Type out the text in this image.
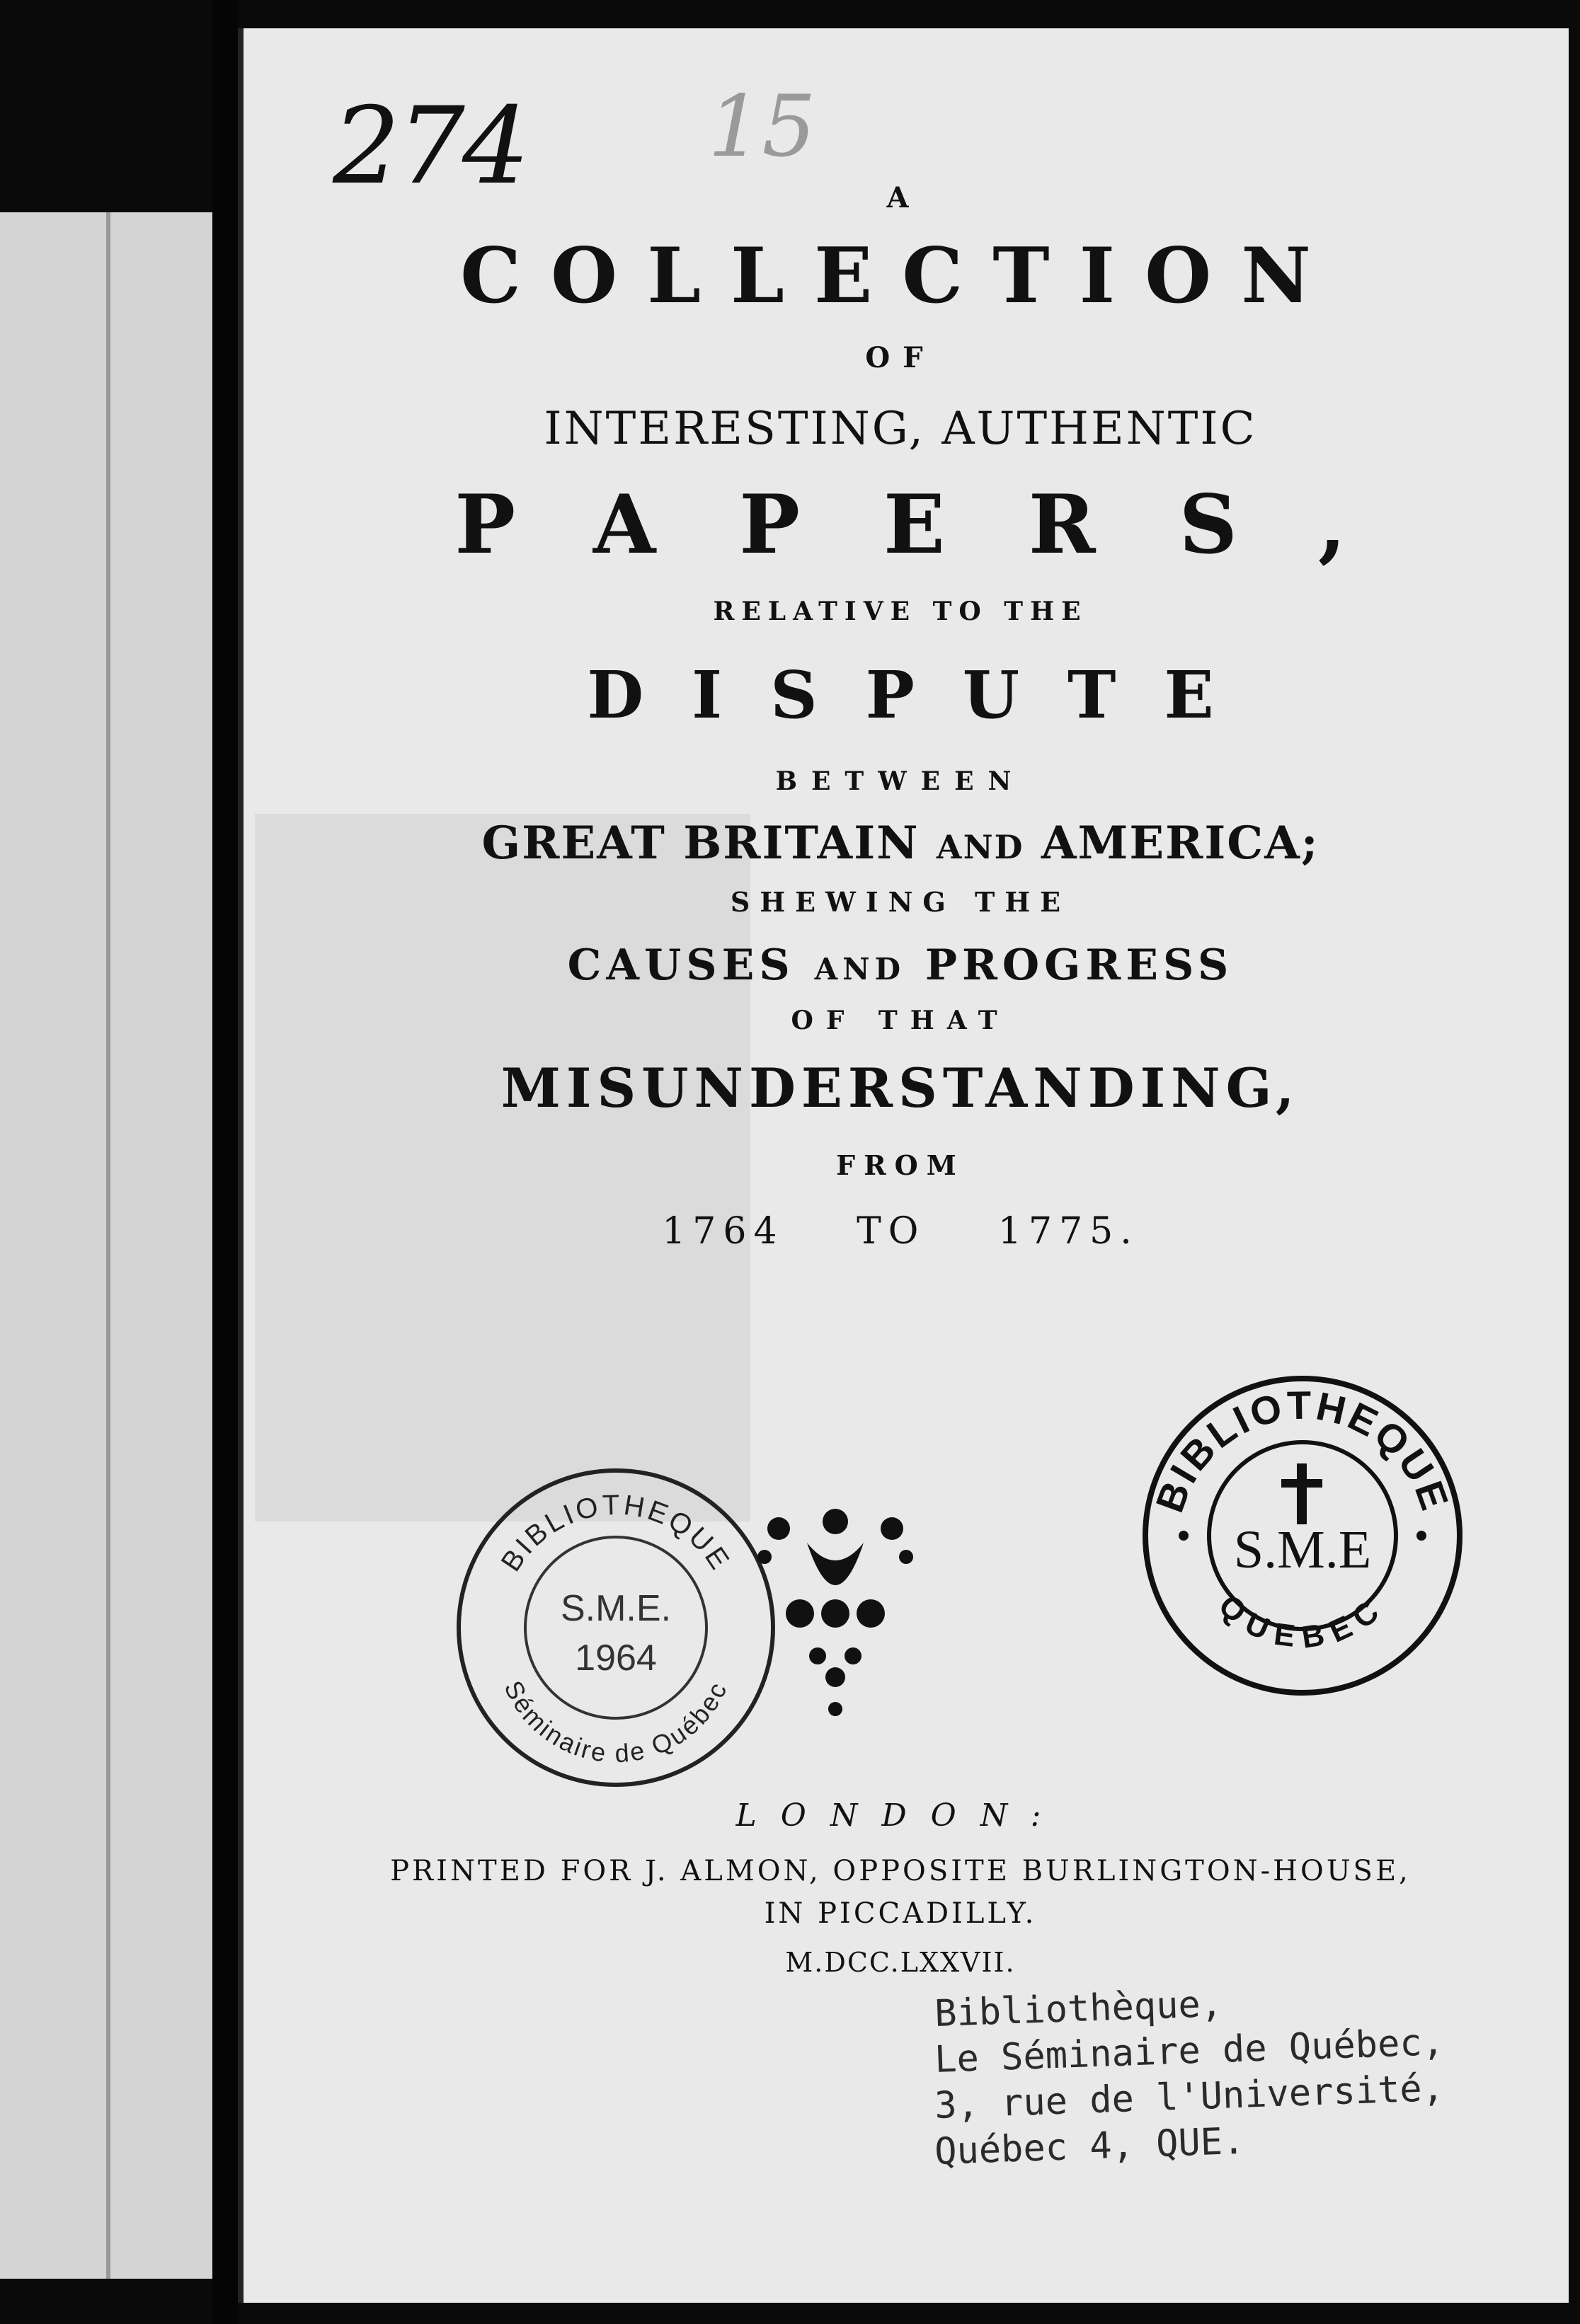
274 15

A

COLLECTION

OF

INTERESTING, AUTHENTIC

PAPERS,

RELATIVE TO THE

DISPUTE

BETWEEN

GREAT BRITAIN AND AMERICA;

SHEWING THE

CAUSES AND PROGRESS

OF THAT

MISUNDERSTANDING,

FROM

1764 TO 1775.

BIBLIOTHEQUE
Séminaire de Québec
S.M.E.
1964
BIBLIOTHEQUE
QUEBEC
S.M.E

LONDON:

PRINTED FOR J. ALMON, OPPOSITE BURLINGTON-HOUSE,

IN PICCADILLY.

M.DCC.LXXVII.

Bibliothèque,
Le Séminaire de Québec,
3, rue de l'Université,
Québec 4, QUE.
